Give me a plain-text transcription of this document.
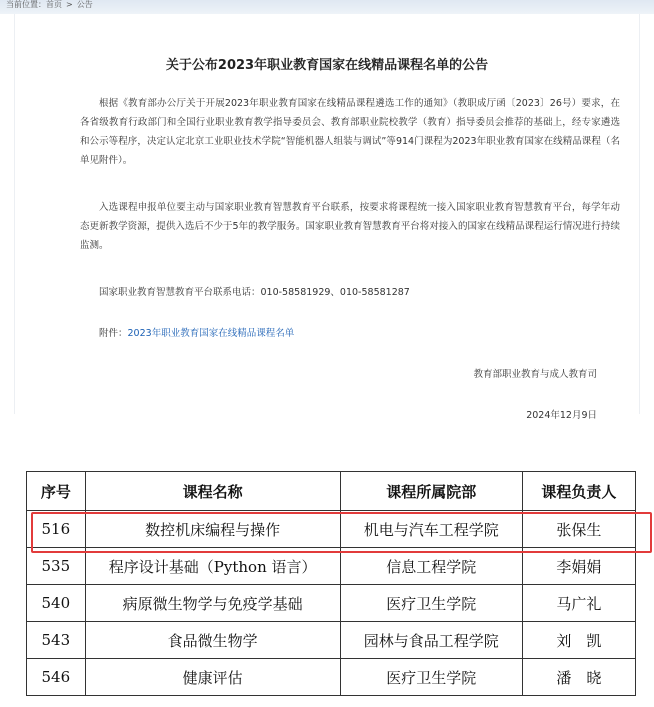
当前位置：首页 > 公告
关于公布2023年职业教育国家在线精品课程名单的公告

根据《教育部办公厅关于开展2023年职业教育国家在线精品课程遴选工作的通知》（教职成厅函〔2023〕26号）要求，在各省级教育行政部门和全国行业职业教育教学指导委员会、教育部职业院校教学（教育）指导委员会推荐的基础上，经专家遴选和公示等程序，决定认定北京工业职业技术学院“智能机器人组装与调试”等914门课程为2023年职业教育国家在线精品课程（名单见附件）。

入选课程申报单位要主动与国家职业教育智慧教育平台联系，按要求将课程统一接入国家职业教育智慧教育平台，每学年动态更新教学资源，提供入选后不少于5年的教学服务。国家职业教育智慧教育平台将对接入的国家在线精品课程运行情况进行持续监测。

国家职业教育智慧教育平台联系电话：010-58581929、010-58581287

附件：2023年职业教育国家在线精品课程名单

教育部职业教育与成人教育司
2024年12月9日
序号	课程名称	课程所属院部	课程负责人
516	数控机床编程与操作	机电与汽车工程学院	张保生
535	程序设计基础（Python 语言）	信息工程学院	李娟娟
540	病原微生物学与免疫学基础	医疗卫生学院	马广礼
543	食品微生物学	园林与食品工程学院	刘　凯
546	健康评估	医疗卫生学院	潘　晓
